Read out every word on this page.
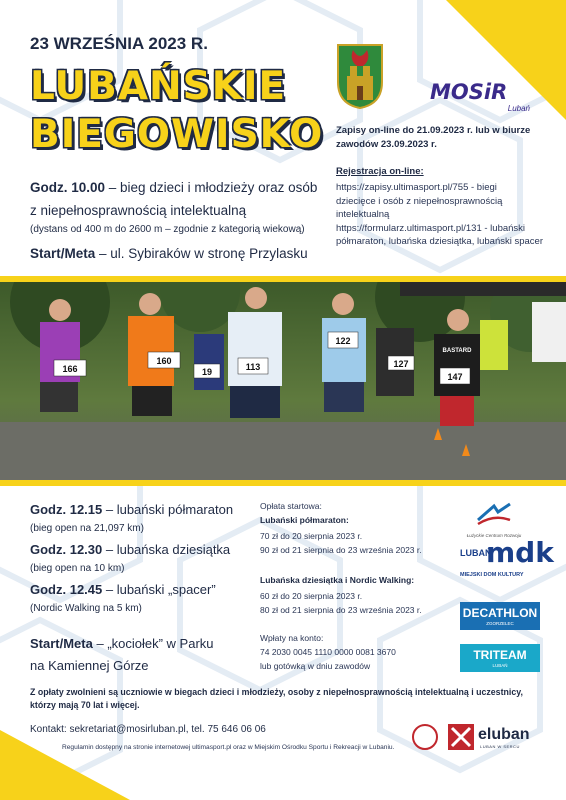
23 WRZEŚNIA 2023 R.
LUBAŃSKIE
BIEGOWISKO
MOSiR
Lubań
Zapisy on-line do 21.09.2023 r. lub w biurze zawodów 23.09.2023 r.
Rejestracja on-line:
https://zapisy.ultimasport.pl/755 - biegi
dziecięce i osób z niepełnosprawnością
intelektualną
https://formularz.ultimasport.pl/131 - lubański
półmaraton, lubańska dziesiątka, lubański spacer
Godz. 10.00 – bieg dzieci i młodzieży oraz osób
z niepełnosprawnością intelektualną
(dystans od 400 m do 2600 m – zgodnie z kategorią wiekową)
Start/Meta – ul. Sybiraków w stronę Przylasku
166
160
19	113
122
127
147
BASTARD
Godz. 12.15 – lubański półmaraton
(bieg open na 21,097 km)
Godz. 12.30 – lubańska dziesiątka
(bieg open na 10 km)
Godz. 12.45 – lubański „spacer”
(Nordic Walking na 5 km)
Start/Meta – „kociołek” w Parku
na Kamiennej Górze
Opłata startowa:
Lubański półmaraton:
70 zł do 20 sierpnia 2023 r.
90 zł od 21 sierpnia do 23 września 2023 r.
Lubańska dziesiątka i Nordic Walking:
60 zł do 20 sierpnia 2023 r.
80 zł od 21 sierpnia do 23 września 2023 r.
Wpłaty na konto:
74 2030 0045 1110 0000 0081 3670
lub gotówką w dniu zawodów
Łużyckie Centrum Rozwoju
LUBAŃ
mdk
MIEJSKI DOM KULTURY
DECATHLON
ZGORZELEC
TRITEAM
LUBAŃ
Z opłaty zwolnieni są uczniowie w biegach dzieci i młodzieży, osoby z niepełnosprawnością intelektualną i uczestnicy, którzy mają 70 lat i więcej.
Kontakt: sekretariat@mosirluban.pl, tel. 75 646 06 06
Regulamin dostępny na stronie internetowej ultimasport.pl oraz w Miejskim Ośrodku Sportu i Rekreacji w Lubaniu.
eluban
LUBAN W SERCU
